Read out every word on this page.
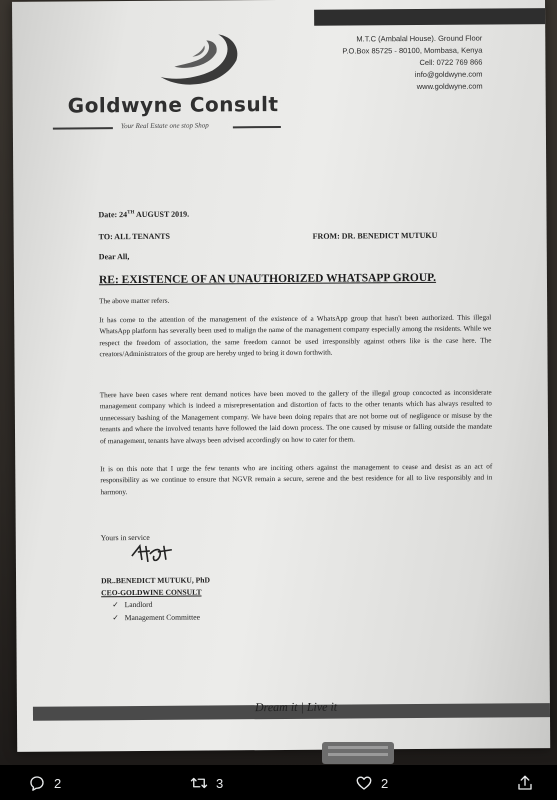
Goldwyne Consult
Your Real Estate one stop Shop
M.T.C (Ambalal House). Ground Floor
P.O.Box 85725 - 80100, Mombasa, Kenya
Cell: 0722 769 866
info@goldwyne.com
www.goldwyne.com
Date: 24TH AUGUST 2019.
TO: ALL TENANTS	FROM: DR. BENEDICT MUTUKU
Dear All,
RE: EXISTENCE OF AN UNAUTHORIZED WHATSAPP GROUP.
The above matter refers.
It has come to the attention of the management of the existence of a WhatsApp group that hasn't been authorized. This illegal WhatsApp platform has severally been used to malign the name of the management company especially among the residents. While we respect the freedom of association, the same freedom cannot be used irresponsibly against others like is the case here. The creators/Administrators of the group are hereby urged to bring it down forthwith.
There have been cases where rent demand notices have been moved to the gallery of the illegal group concocted as inconsiderate management company which is indeed a misrepresentation and distortion of facts to the other tenants which has always resulted to unnecessary bashing of the Management company. We have been doing repairs that are not borne out of negligence or misuse by the tenants and where the involved tenants have followed the laid down process. The one caused by misuse or falling outside the mandate of management, tenants have always been advised accordingly on how to cater for them.
It is on this note that I urge the few tenants who are inciting others against the management to cease and desist as an act of responsibility as we continue to ensure that NGVR remain a secure, serene and the best residence for all to live responsibly and in harmony.
Yours in service
DR..BENEDICT MUTUKU, PhD
CEO-GOLDWINE CONSULT
✓ Landlord
✓ Management Committee
Dream it | Live it
2	3	2
